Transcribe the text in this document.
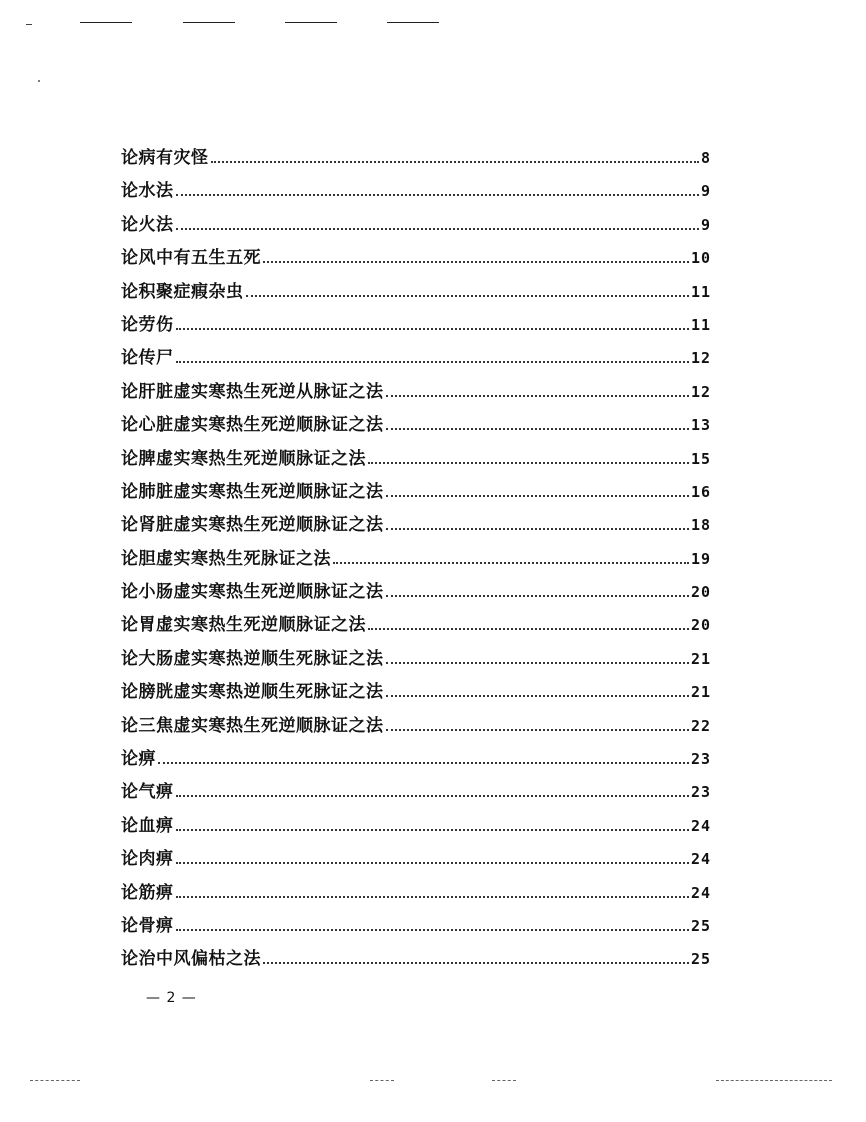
论病有灾怪	8
论水法	9
论火法	9
论风中有五生五死	10
论积聚症瘕杂虫	11
论劳伤	11
论传尸	12
论肝脏虚实寒热生死逆从脉证之法	12
论心脏虚实寒热生死逆顺脉证之法	13
论脾虚实寒热生死逆顺脉证之法	15
论肺脏虚实寒热生死逆顺脉证之法	16
论肾脏虚实寒热生死逆顺脉证之法	18
论胆虚实寒热生死脉证之法	19
论小肠虚实寒热生死逆顺脉证之法	20
论胃虚实寒热生死逆顺脉证之法	20
论大肠虚实寒热逆顺生死脉证之法	21
论膀胱虚实寒热逆顺生死脉证之法	21
论三焦虚实寒热生死逆顺脉证之法	22
论痹	23
论气痹	23
论血痹	24
论肉痹	24
论筋痹	24
论骨痹	25
论治中风偏枯之法	25
— 2 —
